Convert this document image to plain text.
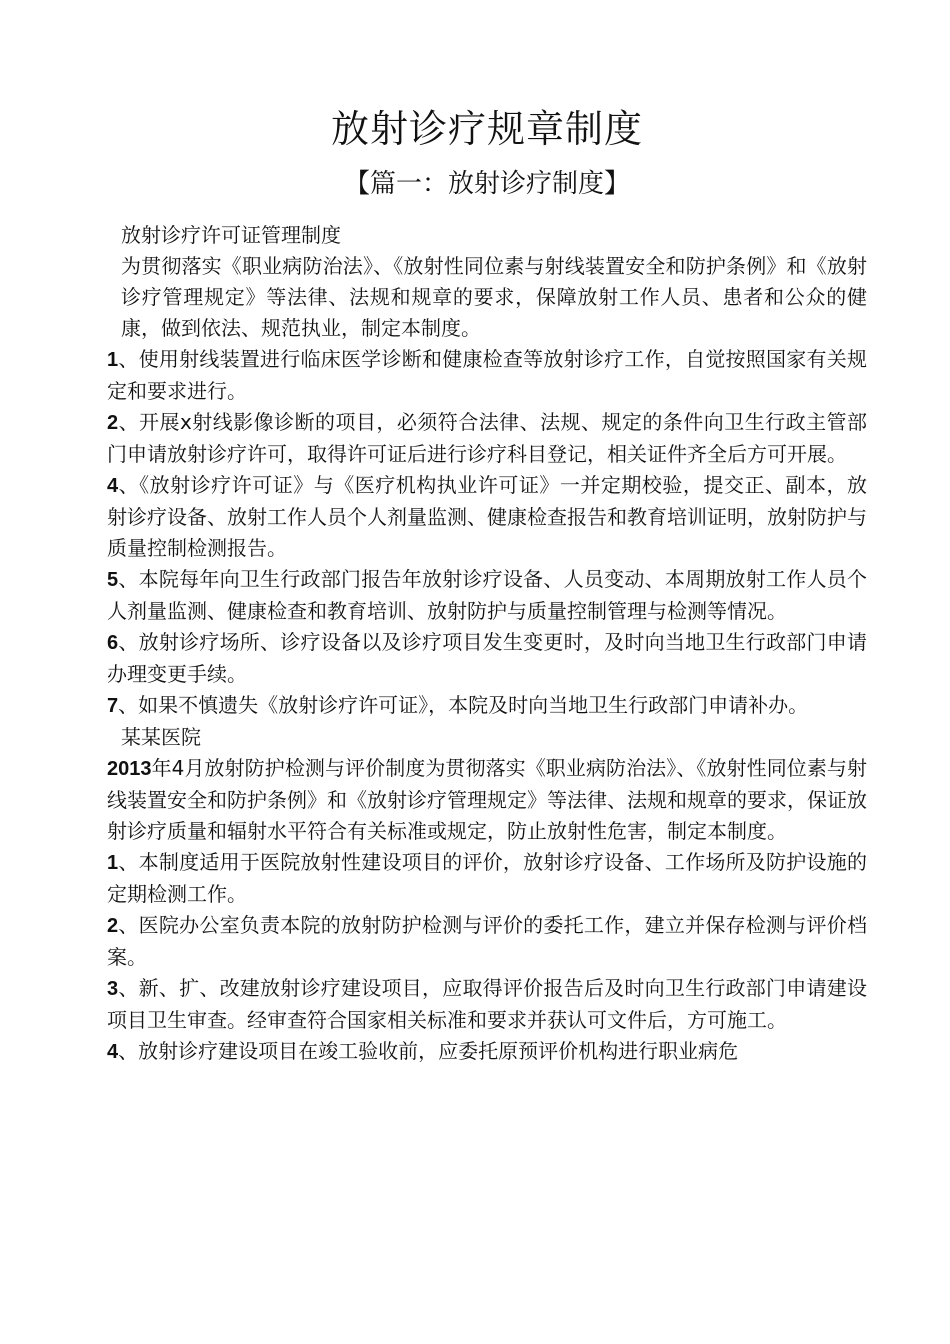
放射诊疗规章制度
【篇一：放射诊疗制度】

放射诊疗许可证管理制度

为贯彻落实《职业病防治法》、《放射性同位素与射线装置安全和防护条例》和《放射诊疗管理规定》等法律、法规和规章的要求，保障放射工作人员、患者和公众的健康，做到依法、规范执业，制定本制度。

1、使用射线装置进行临床医学诊断和健康检查等放射诊疗工作，自觉按照国家有关规定和要求进行。

2、开展x射线影像诊断的项目，必须符合法律、法规、规定的条件向卫生行政主管部门申请放射诊疗许可，取得许可证后进行诊疗科目登记，相关证件齐全后方可开展。

4、《放射诊疗许可证》与《医疗机构执业许可证》一并定期校验，提交正、副本，放射诊疗设备、放射工作人员个人剂量监测、健康检查报告和教育培训证明，放射防护与质量控制检测报告。

5、本院每年向卫生行政部门报告年放射诊疗设备、人员变动、本周期放射工作人员个人剂量监测、健康检查和教育培训、放射防护与质量控制管理与检测等情况。

6、放射诊疗场所、诊疗设备以及诊疗项目发生变更时，及时向当地卫生行政部门申请办理变更手续。

7、如果不慎遗失《放射诊疗许可证》，本院及时向当地卫生行政部门申请补办。

某某医院

2013年4月放射防护检测与评价制度为贯彻落实《职业病防治法》、《放射性同位素与射线装置安全和防护条例》和《放射诊疗管理规定》等法律、法规和规章的要求，保证放射诊疗质量和辐射水平符合有关标准或规定，防止放射性危害，制定本制度。

1、本制度适用于医院放射性建设项目的评价，放射诊疗设备、工作场所及防护设施的定期检测工作。

2、医院办公室负责本院的放射防护检测与评价的委托工作，建立并保存检测与评价档案。

3、新、扩、改建放射诊疗建设项目，应取得评价报告后及时向卫生行政部门申请建设项目卫生审查。经审查符合国家相关标准和要求并获认可文件后，方可施工。

4、放射诊疗建设项目在竣工验收前，应委托原预评价机构进行职业病危
